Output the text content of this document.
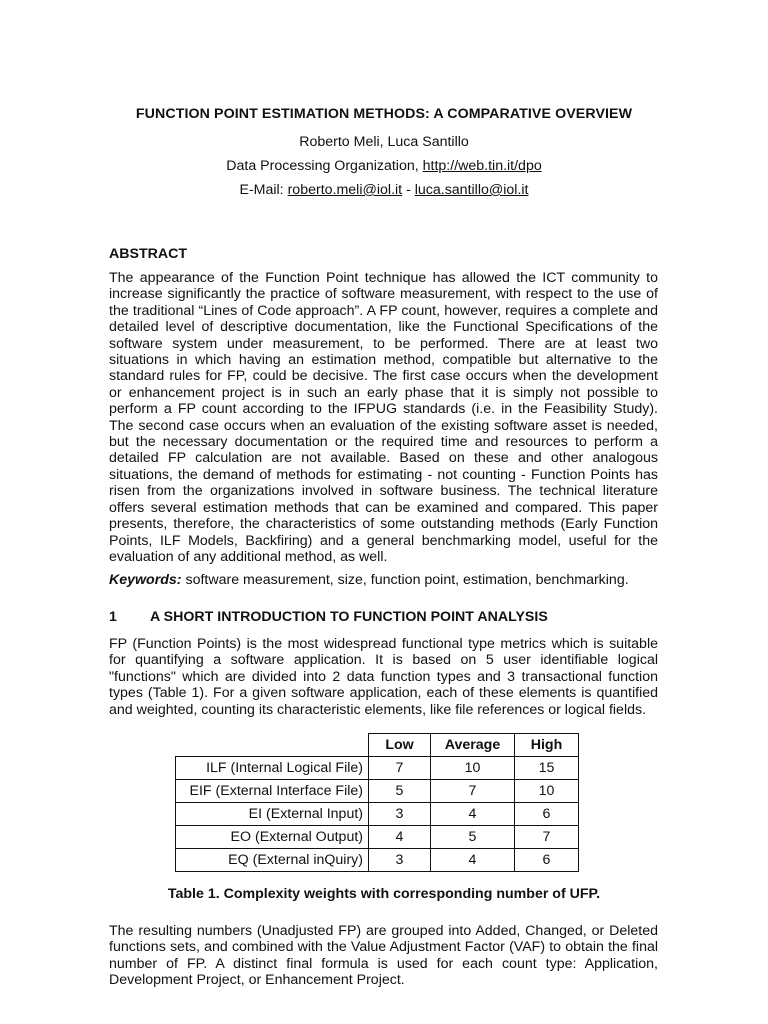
FUNCTION POINT ESTIMATION METHODS: A COMPARATIVE OVERVIEW
Roberto Meli, Luca Santillo
Data Processing Organization, http://web.tin.it/dpo
E-Mail: roberto.meli@iol.it - luca.santillo@iol.it
ABSTRACT
The appearance of the Function Point technique has allowed the ICT community to increase significantly the practice of software measurement, with respect to the use of the traditional “Lines of Code approach”. A FP count, however, requires a complete and detailed level of descriptive documentation, like the Functional Specifications of the software system under measurement, to be performed. There are at least two situations in which having an estimation method, compatible but alternative to the standard rules for FP, could be decisive. The first case occurs when the development or enhancement project is in such an early phase that it is simply not possible to perform a FP count according to the IFPUG standards (i.e. in the Feasibility Study). The second case occurs when an evaluation of the existing software asset is needed, but the necessary documentation or the required time and resources to perform a detailed FP calculation are not available. Based on these and other analogous situations, the demand of methods for estimating - not counting - Function Points has risen from the organizations involved in software business. The technical literature offers several estimation methods that can be examined and compared. This paper presents, therefore, the characteristics of some outstanding methods (Early Function Points, ILF Models, Backfiring) and a general benchmarking model, useful for the evaluation of any additional method, as well.
Keywords: software measurement, size, function point, estimation, benchmarking.
1 A SHORT INTRODUCTION TO FUNCTION POINT ANALYSIS
FP (Function Points) is the most widespread functional type metrics which is suitable for quantifying a software application. It is based on 5 user identifiable logical "functions" which are divided into 2 data function types and 3 transactional function types (Table 1). For a given software application, each of these elements is quantified and weighted, counting its characteristic elements, like file references or logical fields.
	Low	Average	High
ILF (Internal Logical File)	7	10	15
EIF (External Interface File)	5	7	10
EI (External Input)	3	4	6
EO (External Output)	4	5	7
EQ (External inQuiry)	3	4	6
Table 1. Complexity weights with corresponding number of UFP.
The resulting numbers (Unadjusted FP) are grouped into Added, Changed, or Deleted functions sets, and combined with the Value Adjustment Factor (VAF) to obtain the final number of FP. A distinct final formula is used for each count type: Application, Development Project, or Enhancement Project.
